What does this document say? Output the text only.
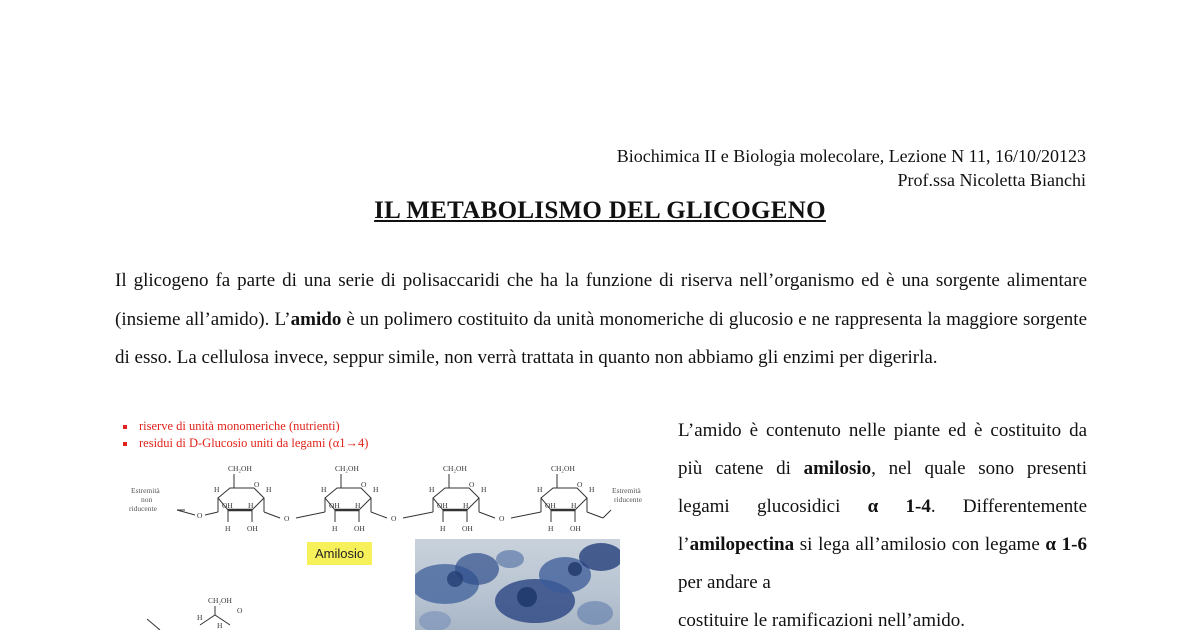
Biochimica II e Biologia molecolare, Lezione N 11, 16/10/20123
Prof.ssa Nicoletta Bianchi
IL METABOLISMO DEL GLICOGENO
Il glicogeno fa parte di una serie di polisaccaridi che ha la funzione di riserva nell’organismo ed è una sorgente alimentare (insieme all’amido). L’amido è un polimero costituito da unità monomeriche di glucosio e ne rappresenta la maggiore sorgente di esso. La cellulosa invece, seppur simile, non verrà trattata in quanto non abbiamo gli enzimi per digerirla.
riserve di unità monomeriche (nutrienti)
residui di D-Glucosio uniti da legami (α1→4)
Estremità
non
riducente
Estremità
riducente
CH₂OH
O
H
OH H
H OH
H
O
CH₂OH
O
H
OH H
H OH
H
O
CH₂OH
O
H
OH H
H OH
H
O
CH₂OH
O
H
OH H
H OH
H
O
CH₂OH
O
H
H
Amilosio

L’amido è contenuto nelle piante ed è costituito da più catene di amilosio, nel quale sono presenti legami glucosidici α 1-4. Differentemente l’amilopectina si lega all’amilosio con legame α 1-6 per andare a

costituire le ramificazioni nell’amido.
